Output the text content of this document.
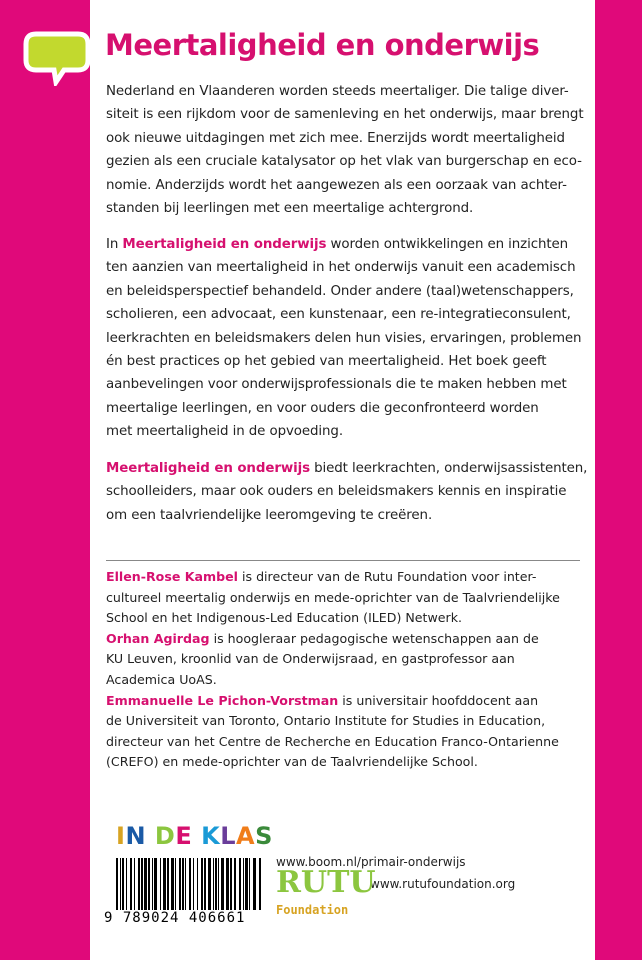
Meertaligheid en onderwijs
Nederland en Vlaanderen worden steeds meertaliger. Die talige diver-
siteit is een rijkdom voor de samenleving en het onderwijs, maar brengt
ook nieuwe uitdagingen met zich mee. Enerzijds wordt meertaligheid
gezien als een cruciale katalysator op het vlak van burgerschap en eco-
nomie. Anderzijds wordt het aangewezen als een oorzaak van achter-
standen bij leerlingen met een meertalige achtergrond.
In Meertaligheid en onderwijs worden ontwikkelingen en inzichten
ten aanzien van meertaligheid in het onderwijs vanuit een academisch
en beleidsperspectief behandeld. Onder andere (taal)wetenschappers,
scholieren, een advocaat, een kunstenaar, een re-integratieconsulent,
leerkrachten en beleidsmakers delen hun visies, ervaringen, problemen
én best practices op het gebied van meertaligheid. Het boek geeft
aanbevelingen voor onderwijsprofessionals die te maken hebben met
meertalige leerlingen, en voor ouders die geconfronteerd worden
met meertaligheid in de opvoeding.
Meertaligheid en onderwijs biedt leerkrachten, onderwijsassistenten,
schoolleiders, maar ook ouders en beleidsmakers kennis en inspiratie
om een taalvriendelijke leeromgeving te creëren.
Ellen-Rose Kambel is directeur van de Rutu Foundation voor inter-
cultureel meertalig onderwijs en mede-oprichter van de Taalvriendelijke
School en het Indigenous-Led Education (ILED) Netwerk.
Orhan Agirdag is hoogleraar pedagogische wetenschappen aan de
KU Leuven, kroonlid van de Onderwijsraad, en gastprofessor aan
Academica UoAS.
Emmanuelle Le Pichon-Vorstman is universitair hoofddocent aan
de Universiteit van Toronto, Ontario Institute for Studies in Education,
directeur van het Centre de Recherche en Education Franco-Ontarienne
(CREFO) en mede-oprichter van de Taalvriendelijke School.
IN DE KLAS
9 789024 406661
www.boom.nl/primair-onderwijs
www.rutufoundation.org
RUTU
Foundation
